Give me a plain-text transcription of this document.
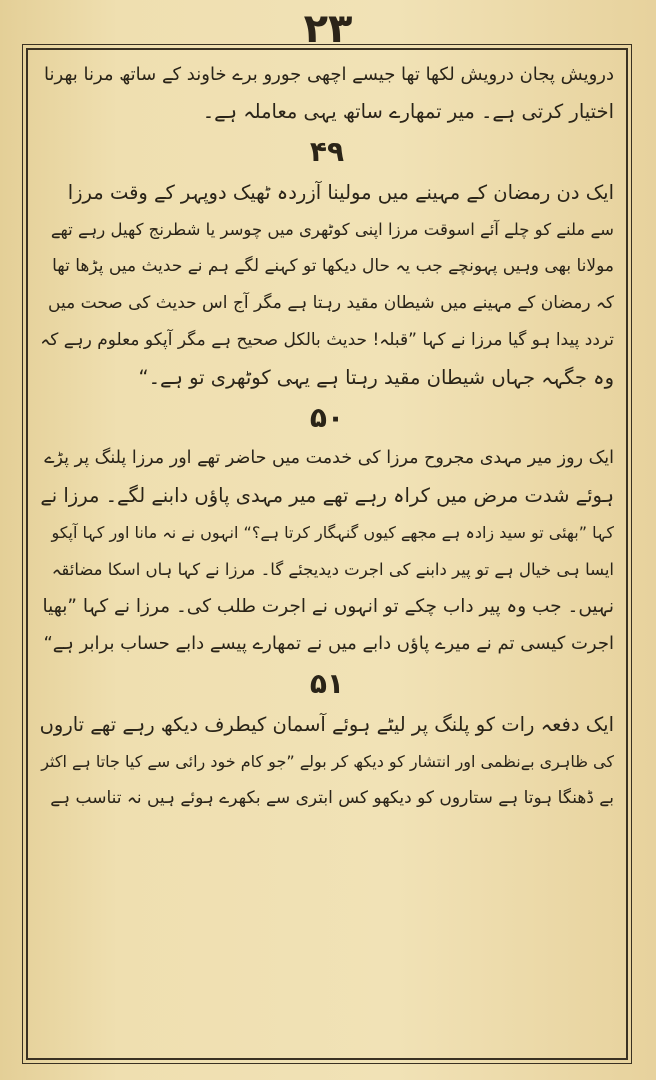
۲۳
درویش پجان درویش لکھا تھا جیسے اچھی جورو برے خاوند کے ساتھ مرنا بھرنا
اختیار کرتی ہے۔ میر تمھارے ساتھ یہی معاملہ ہے۔
۴۹
ایک دن رمضان کے مہینے میں مولینا آزردہ ٹھیک دوپہر کے وقت مرزا
سے ملنے کو چلے آئے اسوقت مرزا اپنی کوٹھری میں چوسر یا شطرنج کھیل رہے تھے
مولانا بھی وہیں پہونچے جب یہ حال دیکھا تو کہنے لگے ہم نے حدیث میں پڑھا تھا
کہ رمضان کے مہینے میں شیطان مقید رہتا ہے مگر آج اس حدیث کی صحت میں
تردد پیدا ہو گیا مرزا نے کہا ”قبلہ! حدیث بالکل صحیح ہے مگر آپکو معلوم رہے کہ
وہ جگہہ جہاں شیطان مقید رہتا ہے یہی کوٹھری تو ہے۔“
۵۰
ایک روز میر مہدی مجروح مرزا کی خدمت میں حاضر تھے اور مرزا پلنگ پر پڑے
ہوئے شدت مرض میں کراہ رہے تھے میر مہدی پاؤں دابنے لگے۔ مرزا نے
کہا ”بھئی تو سید زادہ ہے مجھے کیوں گنہگار کرتا ہے؟“ انہوں نے نہ مانا اور کہا آپکو
ایسا ہی خیال ہے تو پیر دابنے کی اجرت دیدیجئے گا۔ مرزا نے کہا ہاں اسکا مضائقہ
نہیں۔ جب وہ پیر داب چکے تو انہوں نے اجرت طلب کی۔ مرزا نے کہا ”بھیا
اجرت کیسی تم نے میرے پاؤں دابے میں نے تمھارے پیسے دابے حساب برابر ہے“
۵۱
ایک دفعہ رات کو پلنگ پر لیٹے ہوئے آسمان کیطرف دیکھ رہے تھے تاروں
کی ظاہری بےنظمی اور انتشار کو دیکھ کر بولے ”جو کام خود رائی سے کیا جاتا ہے اکثر
بے ڈھنگا ہوتا ہے ستاروں کو دیکھو کس ابتری سے بکھرے ہوئے ہیں نہ تناسب ہے
